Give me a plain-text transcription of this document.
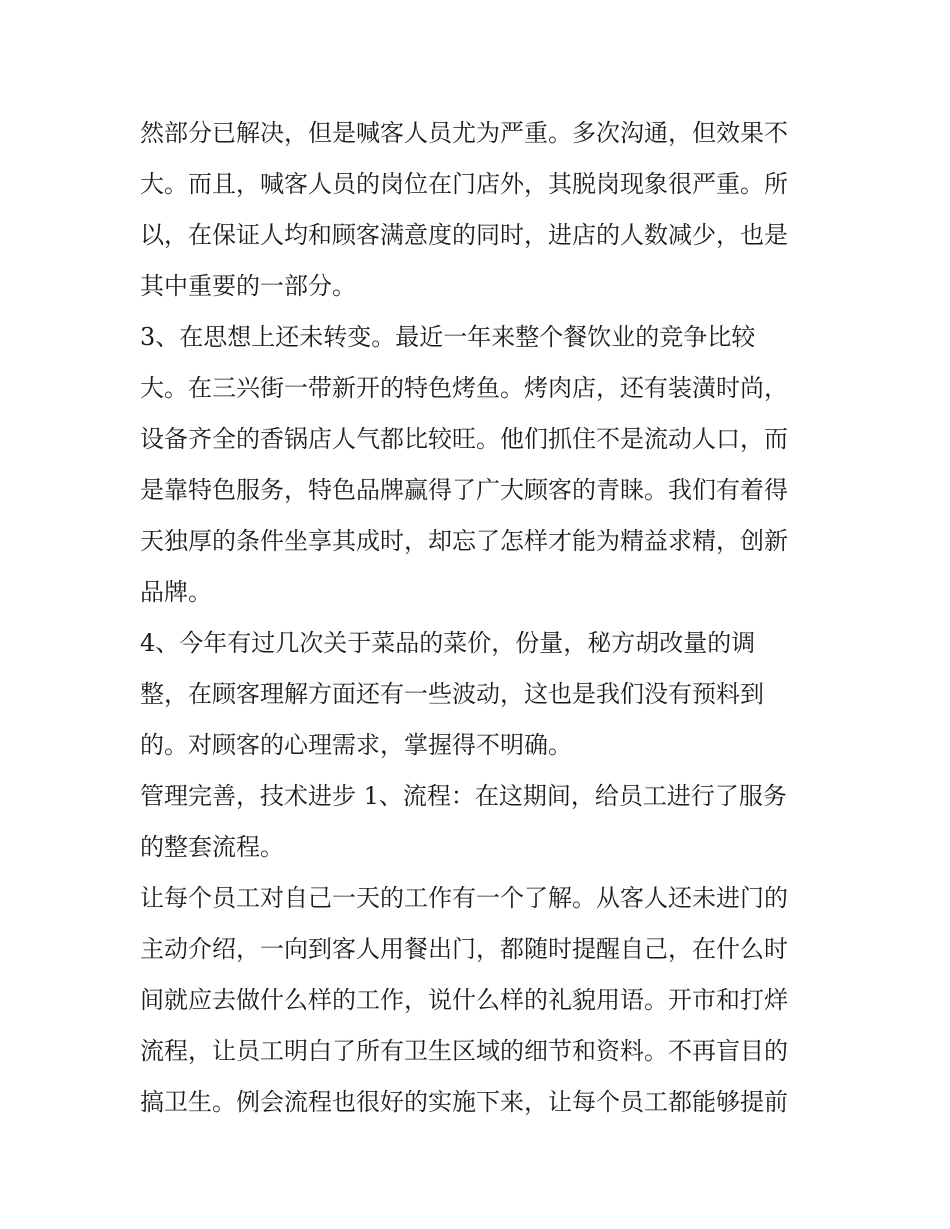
然部分已解决，但是喊客人员尤为严重。多次沟通，但效果不
大。而且，喊客人员的岗位在门店外，其脱岗现象很严重。所
以，在保证人均和顾客满意度的同时，进店的人数减少，也是
其中重要的一部分。
3、在思想上还未转变。最近一年来整个餐饮业的竞争比较
大。在三兴街一带新开的特色烤鱼。烤肉店，还有装潢时尚，
设备齐全的香锅店人气都比较旺。他们抓住不是流动人口，而
是靠特色服务，特色品牌赢得了广大顾客的青睐。我们有着得
天独厚的条件坐享其成时，却忘了怎样才能为精益求精，创新
品牌。
4、今年有过几次关于菜品的菜价，份量，秘方胡改量的调
整，在顾客理解方面还有一些波动，这也是我们没有预料到
的。对顾客的心理需求，掌握得不明确。
管理完善，技术进步 1、流程：在这期间，给员工进行了服务
的整套流程。
让每个员工对自己一天的工作有一个了解。从客人还未进门的
主动介绍，一向到客人用餐出门，都随时提醒自己，在什么时
间就应去做什么样的工作，说什么样的礼貌用语。开市和打烊
流程，让员工明白了所有卫生区域的细节和资料。不再盲目的
搞卫生。例会流程也很好的实施下来，让每个员工都能够提前
